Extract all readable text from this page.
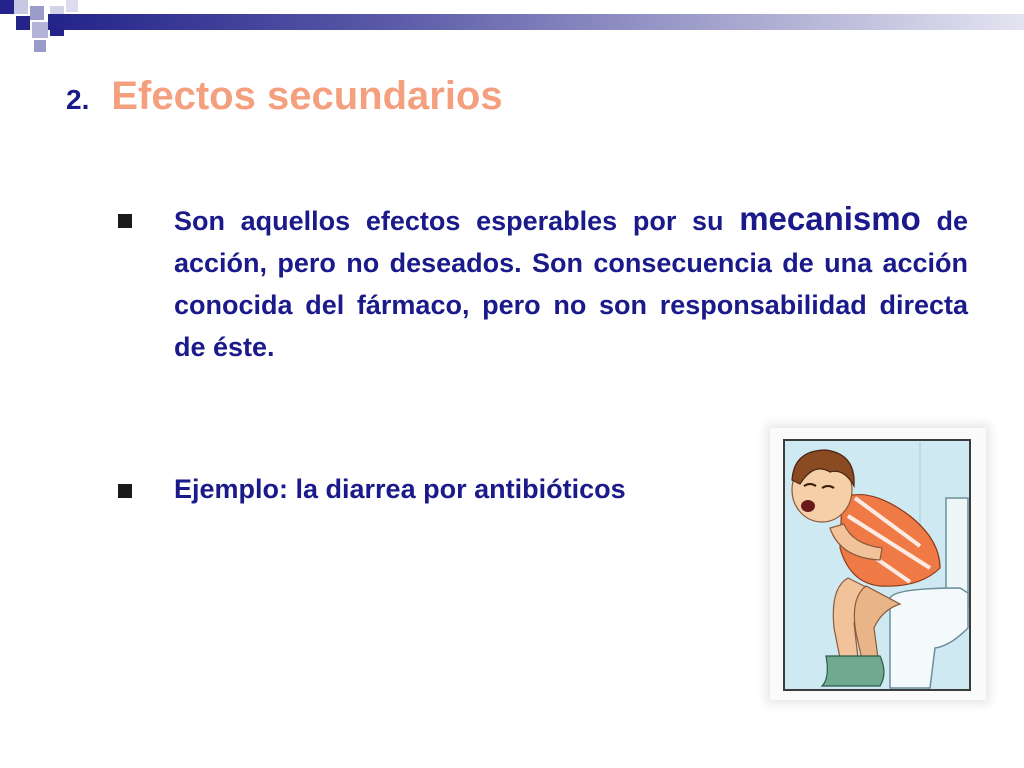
2. Efectos secundarios
Son aquellos efectos esperables por su mecanismo de acción, pero no deseados. Son consecuencia de una acción conocida del fármaco, pero no son responsabilidad directa de éste.
Ejemplo: la diarrea por antibióticos
